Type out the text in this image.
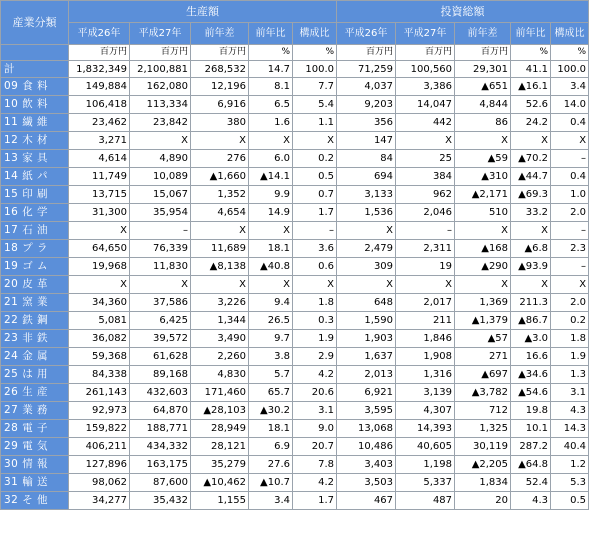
産業分類	生産額					投資総額				
	平成26年	平成27年	前年差	前年比	構成比	平成26年	平成27年	前年差	前年比	構成比
	百万円	百万円	百万円	%	%	百万円	百万円	百万円	%	%
計	1,832,349	2,100,881	268,532	14.7	100.0	71,259	100,560	29,301	41.1	100.0
09 食 料	149,884	162,080	12,196	8.1	7.7	4,037	3,386	▲651	▲16.1	3.4
10 飲 料	106,418	113,334	6,916	6.5	5.4	9,203	14,047	4,844	52.6	14.0
11 繊 維	23,462	23,842	380	1.6	1.1	356	442	86	24.2	0.4
12 木 材	3,271	X	X	X	X	147	X	X	X	X
13 家 具	4,614	4,890	276	6.0	0.2	84	25	▲59	▲70.2	–
14 紙 パ	11,749	10,089	▲1,660	▲14.1	0.5	694	384	▲310	▲44.7	0.4
15 印 刷	13,715	15,067	1,352	9.9	0.7	3,133	962	▲2,171	▲69.3	1.0
16 化 学	31,300	35,954	4,654	14.9	1.7	1,536	2,046	510	33.2	2.0
17 石 油	X	–	X	X	–	X	–	X	X	–
18 プ ラ	64,650	76,339	11,689	18.1	3.6	2,479	2,311	▲168	▲6.8	2.3
19 ゴ ム	19,968	11,830	▲8,138	▲40.8	0.6	309	19	▲290	▲93.9	–
20 皮 革	X	X	X	X	X	X	X	X	X	X
21 窯 業	34,360	37,586	3,226	9.4	1.8	648	2,017	1,369	211.3	2.0
22 鉄 鋼	5,081	6,425	1,344	26.5	0.3	1,590	211	▲1,379	▲86.7	0.2
23 非 鉄	36,082	39,572	3,490	9.7	1.9	1,903	1,846	▲57	▲3.0	1.8
24 金 属	59,368	61,628	2,260	3.8	2.9	1,637	1,908	271	16.6	1.9
25 は 用	84,338	89,168	4,830	5.7	4.2	2,013	1,316	▲697	▲34.6	1.3
26 生 産	261,143	432,603	171,460	65.7	20.6	6,921	3,139	▲3,782	▲54.6	3.1
27 業 務	92,973	64,870	▲28,103	▲30.2	3.1	3,595	4,307	712	19.8	4.3
28 電 子	159,822	188,771	28,949	18.1	9.0	13,068	14,393	1,325	10.1	14.3
29 電 気	406,211	434,332	28,121	6.9	20.7	10,486	40,605	30,119	287.2	40.4
30 情 報	127,896	163,175	35,279	27.6	7.8	3,403	1,198	▲2,205	▲64.8	1.2
31 輸 送	98,062	87,600	▲10,462	▲10.7	4.2	3,503	5,337	1,834	52.4	5.3
32 そ 他	34,277	35,432	1,155	3.4	1.7	467	487	20	4.3	0.5
